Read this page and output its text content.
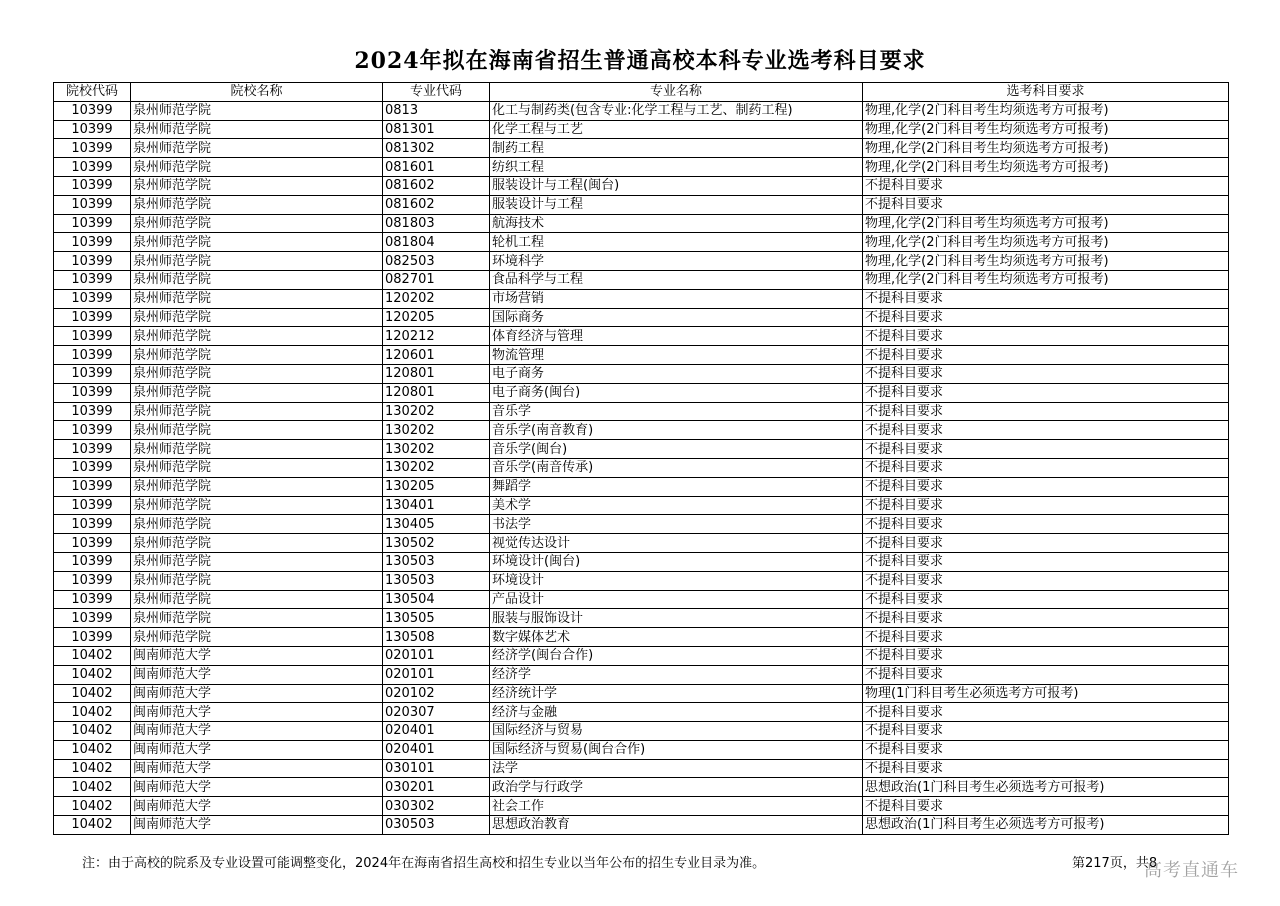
2024年拟在海南省招生普通高校本科专业选考科目要求
院校代码	院校名称	专业代码	专业名称	选考科目要求
10399	泉州师范学院	0813	化工与制药类(包含专业:化学工程与工艺、制药工程)	物理,化学(2门科目考生均须选考方可报考)
10399	泉州师范学院	081301	化学工程与工艺	物理,化学(2门科目考生均须选考方可报考)
10399	泉州师范学院	081302	制药工程	物理,化学(2门科目考生均须选考方可报考)
10399	泉州师范学院	081601	纺织工程	物理,化学(2门科目考生均须选考方可报考)
10399	泉州师范学院	081602	服装设计与工程(闽台)	不提科目要求
10399	泉州师范学院	081602	服装设计与工程	不提科目要求
10399	泉州师范学院	081803	航海技术	物理,化学(2门科目考生均须选考方可报考)
10399	泉州师范学院	081804	轮机工程	物理,化学(2门科目考生均须选考方可报考)
10399	泉州师范学院	082503	环境科学	物理,化学(2门科目考生均须选考方可报考)
10399	泉州师范学院	082701	食品科学与工程	物理,化学(2门科目考生均须选考方可报考)
10399	泉州师范学院	120202	市场营销	不提科目要求
10399	泉州师范学院	120205	国际商务	不提科目要求
10399	泉州师范学院	120212	体育经济与管理	不提科目要求
10399	泉州师范学院	120601	物流管理	不提科目要求
10399	泉州师范学院	120801	电子商务	不提科目要求
10399	泉州师范学院	120801	电子商务(闽台)	不提科目要求
10399	泉州师范学院	130202	音乐学	不提科目要求
10399	泉州师范学院	130202	音乐学(南音教育)	不提科目要求
10399	泉州师范学院	130202	音乐学(闽台)	不提科目要求
10399	泉州师范学院	130202	音乐学(南音传承)	不提科目要求
10399	泉州师范学院	130205	舞蹈学	不提科目要求
10399	泉州师范学院	130401	美术学	不提科目要求
10399	泉州师范学院	130405	书法学	不提科目要求
10399	泉州师范学院	130502	视觉传达设计	不提科目要求
10399	泉州师范学院	130503	环境设计(闽台)	不提科目要求
10399	泉州师范学院	130503	环境设计	不提科目要求
10399	泉州师范学院	130504	产品设计	不提科目要求
10399	泉州师范学院	130505	服装与服饰设计	不提科目要求
10399	泉州师范学院	130508	数字媒体艺术	不提科目要求
10402	闽南师范大学	020101	经济学(闽台合作)	不提科目要求
10402	闽南师范大学	020101	经济学	不提科目要求
10402	闽南师范大学	020102	经济统计学	物理(1门科目考生必须选考方可报考)
10402	闽南师范大学	020307	经济与金融	不提科目要求
10402	闽南师范大学	020401	国际经济与贸易	不提科目要求
10402	闽南师范大学	020401	国际经济与贸易(闽台合作)	不提科目要求
10402	闽南师范大学	030101	法学	不提科目要求
10402	闽南师范大学	030201	政治学与行政学	思想政治(1门科目考生必须选考方可报考)
10402	闽南师范大学	030302	社会工作	不提科目要求
10402	闽南师范大学	030503	思想政治教育	思想政治(1门科目考生必须选考方可报考)
注：由于高校的院系及专业设置可能调整变化，2024年在海南省招生高校和招生专业以当年公布的招生专业目录为准。	第217页，共8
高考直通车
